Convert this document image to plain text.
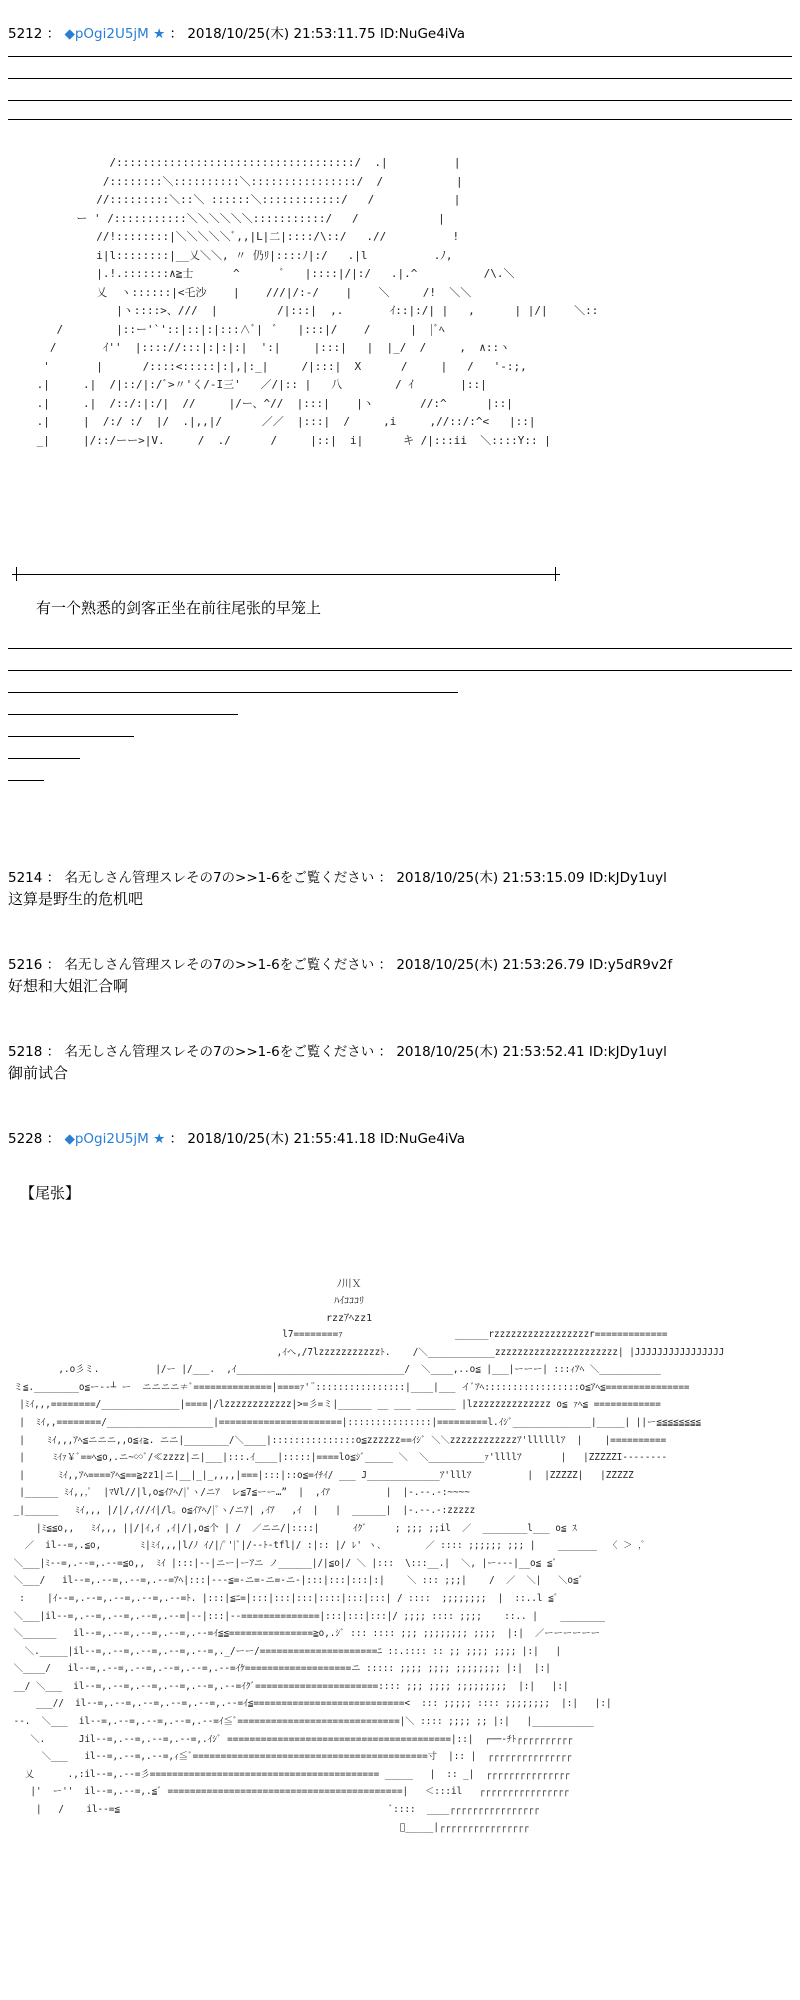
5212 ： ◆pOgi2U5jM ★ ： 2018/10/25(木) 21:53:11.75 ID:NuGe4iVa
/::::::::::::::::::::::::::::::::::::/  .|          |
/::::::::＼::::::::::＼::::::::::::::::/  /           |
//:::::::::＼::＼ ::::::＼::::::::::::/   /            |
ー ' /:::::::::::＼＼＼＼＼＼:::::::::::/   /            |
//!::::::::|＼＼＼＼＼ﾞ,,|L|二|::::/\::/   .//          !
i|l::::::::|__乂＼＼, 〃 仍ﾘ|::::ﾉ|:/   .|l          .ﾉ,
|.!.:::::::∧≧士      ^      ﾞ   |::::|/|:/   .|.^          /\.＼
乂  ヽ::::::|<乇沙    |    ///|/:-/    |    ＼     /!  ＼＼
|ヽ::::>、///  |         /|:::|  ,.       ｲ::|:/| |   ,      | |/|    ＼::
/        |::ー'`'::|::|:|:::∧ﾞ|  ﾞ   |:::|/    /      |  |ﾞﾍ
/       ｲ''  |:::://:::|:|:|:|  ':|     |:::|   |  |_/  /     ,  ∧::ヽ
'       |      /::::<:::::|:|,|:_|     /|:::|  X      /     |   /   '-:;,
.|     .|  /|::/|:/ﾞ>〃'く/-I三'   ／/|:: |   八        / ｲ       |::|
.|     .|  /::/:|:/|  //     |/ー、^//  |:::|    |ヽ       //:^      |::|
.|     |  /:/ :/  |/  .|,,|/      ／／  |:::|  /     ,i     ,//::/:^<   |::|
_|     |/::/ーー>|V.     /  ./      /     |::|  i|      キ /|:::ii  ＼::::Y:: |

有一个熟悉的剑客正坐在前往尾张的早笼上
5214 ： 名无しさん管理スレその7の>>1-6をご覧ください ： 2018/10/25(木) 21:53:15.09 ID:kJDy1uyl
这算是野生的危机吧
5216 ： 名无しさん管理スレその7の>>1-6をご覧ください ： 2018/10/25(木) 21:53:26.79 ID:y5dR9v2f
好想和大姐汇合啊
5218 ： 名无しさん管理スレその7の>>1-6をご覧ください ： 2018/10/25(木) 21:53:52.41 ID:kJDy1uyl
御前试合
5228 ： ◆pOgi2U5jM ★ ： 2018/10/25(木) 21:55:41.18 ID:NuGe4iVa
【尾张】
ﾉ川Ｘ
ﾊｲｺｺｺﾘ
rzzｱﾍzz1
l7========ｧ                    ______rzzzzzzzzzzzzzzzzzr=============
,ｲへ,/7lzzzzzzzzzzzﾄ.    /＼____________zzzzzzzzzzzzzzzzzzzzzz| |JJJJJJJJJJJJJJJJ
,.o彡ミ.          |/ー |/___.  ,ｲ______________________________/  ＼____,..o≦ |___|ーーー| :::ｨｱﾍ ＼___________
ミ≦.________o≦ー-‐┴ ー  ニニニニ≠ﾞ==============|====ｧ'¨::::::::::::::::|____|___ イﾞｱﾍ:::::::::::::::::o≦ｱﾍ≦===============
|ﾐｲ,,,========/______________|====|/lzzzzzzzzzzzz|>=彡=ミ|______ __ ___ _______ |lzzzzzzzzzzzzzz o≦ ｧﾍ≦ ============
|  ﾐｲ,,========/___________________|======================|:::::::::::::::|=========l.ｲｼﾞ______________|_____| ||ー≦≦≦≦≦≦≦≦
|    ﾐｲ,,,ｱﾍ≦ニニニ,,o≦ｨ≧. ニニ|________/＼____|:::::::::::::::o≦zzzzzz==ｲｼﾞ ＼＼zzzzzzzzzzzzｱ'llllllｱ  |    |==========
|     ﾐｲｧ￥ﾞ==ﾍ≦o,.ニ~∽ﾞ/≪zzzz|ニ|___|:::.ｲ____|:::::|====lo≦ｼﾞ_____ ＼  ＼__________ｧ'llllｱ       |   |ZZZZZI--------
|      ﾐｲ,,ｱﾍ====ｱﾍ≦==≧zz1|ニ|__|_|_,,,,|===|:::|::o≦=ｲﾁｲ/ ___ J_____________ｱ'lllｱ          |  |ZZZZZ|   |ZZZZZ
|______ ﾐｲ,,,ﾟ  |ﾏVl//|l,o≦ｲｱﾍ/|ﾟヽ/ニｱ  レ≦7≦ーー…”  |  ,ｲｱ          |  |-.--.-:~~~~
_|______   ﾐｲ,,, |/|/,ｲ//ｲ|/l。o≦ｲｱﾍ/|ﾟヽ/ニｱ| ,ｲｱ   ,ｲ  |   |  ______|  |-.--.-:zzzzz
|ﾐ≦≦o,,   ﾐｲ,,, ||/|ｲ,ｲ ,ｲ|/|,o≦个 | /  ／ニニ/|::::|      ｲｸﾞ     ; ;;; ;;il  ／  ________l___ o≦ ｽ
／  il--=,.≦o,       ﾐ|ﾐｲ,,,|l/ﾉ ｲ/|/ﾟ'|ﾞ|/--ﾄ-tfl|/ :|:: |/ ﾚ' ヽ、       ／ :::: ;;;;;; ;;; |    _______  〈 ＞ ,ﾟ
＼___|ﾐ--=,.--=,.--=≦o,,  ﾐｲ |:::|--|ニー|ーｱニ ノ______|/|≦o|/ ＼ |:::  \:::__.|  ＼, |ー---|__o≦ ≦ﾞ
＼___/   il--=,.--=,.--=,.--=ｱﾍ|:::|---≦=-ニ=-ニ=-ニ-|:::|:::|:::|:|    ＼ ::: ;;;|    /  ／  ＼|   ＼o≦ﾞ
:    |ｲ--=,.--=,.--=,.--=,.--=ﾄ. |:::|≦ﾆ=|:::|:::|:::|::::|:::|:::| / ::::  ;;;;;;;;  |  ::..l ≦ﾞ
＼___|il--=,.--=,.--=,.--=,.--=|--|:::|--==============|:::|:::|:::|/ ;;;; :::: ;;;;    ::.. |    ________
＼______   il--=,.--=,.--=,.--=,.--=ｲ≦≦===============≧o,.ｼﾞ ::: :::: ;;; ;;;;;;;; ;;;;  |:|  ／ーーーーーー
＼._____|il--=,.--=,.--=,.--=,.--=,._/ーー/=====================ﾆ ::.:::: :: ;; ;;;; ;;;; |:|   |
＼____/   il--=,.--=,.--=,.--=,.--=,.--=ｲｹ===================ニ ::::: ;;;; ;;;; ;;;;;;;; |:|  |:|
__/ ＼___  il--=,.--=,.--=,.--=,.--=,.--=ｲｸﾞ======================:::: ;;; ;;;; ;;;;;;;;;  |:|   |:|
___//  il--=,.--=,.--=,.--=,.--=,.--=ｲ≦===========================<  ::: ;;;;; :::: ;;;;;;;;  |:|   |:|
--.  ＼___  il--=,.--=,.--=,.--=,.--=ｲ≦ﾞ=============================|＼ :::: ;;;; ;; |:|   |___________
＼.      Jil--=,.--=,.--=,.--=,.ｲｼﾞ ========================================|::|  ┌──-ﾁﾄ┌┌┌┌┌┌┌┌┌┌
＼___   il--=,.--=,.--=,ｨ≦ﾞ==========================================寸  |:: |  ┌┌┌┌┌┌┌┌┌┌┌┌┌┌┌
乂      .,:il--=,.--=彡========================================= _____   |  :: _|  ┌┌┌┌┌┌┌┌┌┌┌┌┌┌┌
|'  ー''  il--=,.--=,.≦ﾞ ==========================================|   ＜:::il   ┌┌┌┌┌┌┌┌┌┌┌┌┌┌┌┌
|   /    il--=≦                                                ﾞ::::  ____┌┌┌┌┌┌┌┌┌┌┌┌┌┌┌┌
ﾞ_____|┌┌┌┌┌┌┌┌┌┌┌┌┌┌┌┌
